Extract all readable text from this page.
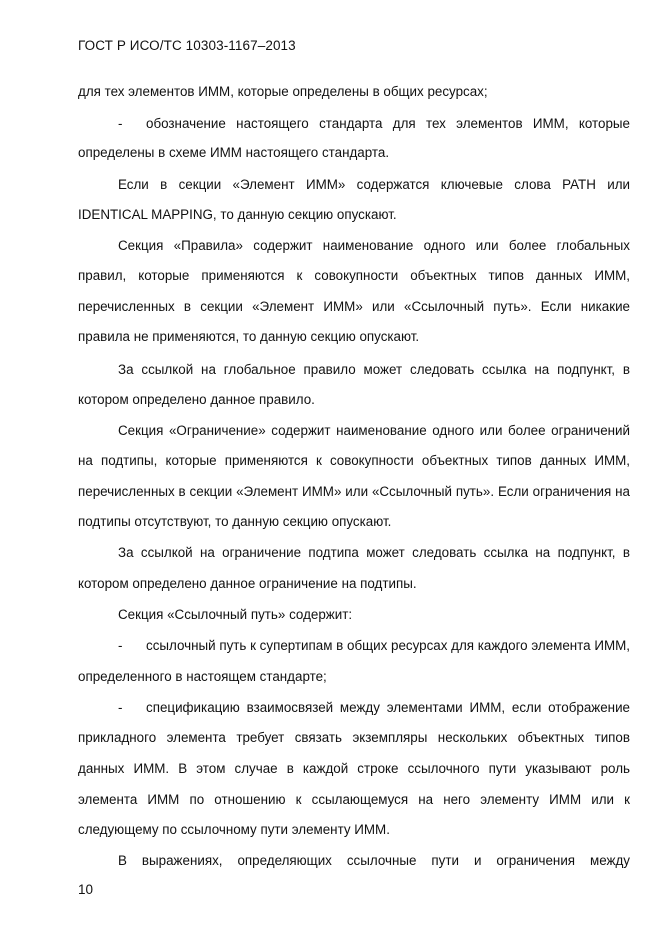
ГОСТ Р ИСО/ТС 10303-1167–2013
для тех элементов ИММ, которые определены в общих ресурсах;
- обозначение настоящего стандарта для тех элементов ИММ, которые
определены в схеме ИММ настоящего стандарта.
Если в секции «Элемент ИММ» содержатся ключевые слова PATH или
IDENTICAL MAPPING, то данную секцию опускают.
Секция «Правила» содержит наименование одного или более глобальных
правил, которые применяются к совокупности объектных типов данных ИММ,
перечисленных в секции «Элемент ИММ» или «Ссылочный путь». Если никакие
правила не применяются, то данную секцию опускают.
За ссылкой на глобальное правило может следовать ссылка на подпункт, в
котором определено данное правило.
Секция «Ограничение» содержит наименование одного или более ограничений
на подтипы, которые применяются к совокупности объектных типов данных ИММ,
перечисленных в секции «Элемент ИММ» или «Ссылочный путь». Если ограничения на
подтипы отсутствуют, то данную секцию опускают.
За ссылкой на ограничение подтипа может следовать ссылка на подпункт, в
котором определено данное ограничение на подтипы.
Секция «Ссылочный путь» содержит:
- ссылочный путь к супертипам в общих ресурсах для каждого элемента ИММ,
определенного в настоящем стандарте;
- спецификацию взаимосвязей между элементами ИММ, если отображение
прикладного элемента требует связать экземпляры нескольких объектных типов
данных ИММ. В этом случае в каждой строке ссылочного пути указывают роль
элемента ИММ по отношению к ссылающемуся на него элементу ИММ или к
следующему по ссылочному пути элементу ИММ.
В выражениях, определяющих ссылочные пути и ограничения между
10
